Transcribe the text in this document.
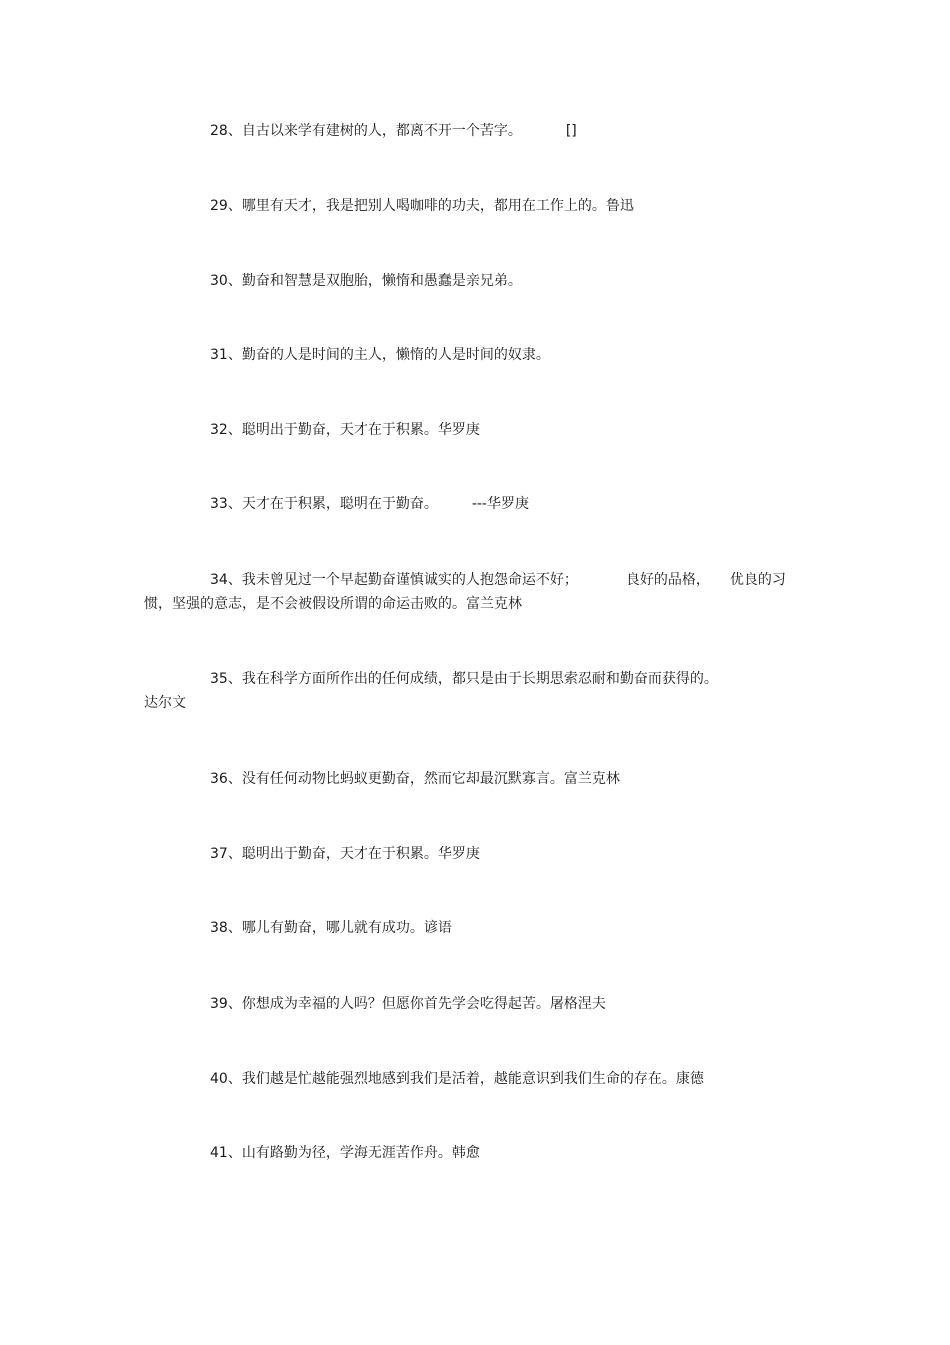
28、自古以来学有建树的人，都离不开一个苦字。	[]
29、哪里有天才，我是把别人喝咖啡的功夫，都用在工作上的。鲁迅
30、勤奋和智慧是双胞胎，懒惰和愚蠢是亲兄弟。
31、勤奋的人是时间的主人，懒惰的人是时间的奴隶。
32、聪明出于勤奋，天才在于积累。华罗庚
33、天才在于积累，聪明在于勤奋。 ---华罗庚
34、我未曾见过一个早起勤奋谨慎诚实的人抱怨命运不好；	良好的品格， 优良的习
惯，坚强的意志，是不会被假设所谓的命运击败的。富兰克林
35、我在科学方面所作出的任何成绩，都只是由于长期思索忍耐和勤奋而获得的。
达尔文
36、没有任何动物比蚂蚁更勤奋，然而它却最沉默寡言。富兰克林
37、聪明出于勤奋，天才在于积累。华罗庚
38、哪儿有勤奋，哪儿就有成功。谚语
39、你想成为幸福的人吗？但愿你首先学会吃得起苦。屠格涅夫
40、我们越是忙越能强烈地感到我们是活着，越能意识到我们生命的存在。康德
41、山有路勤为径，学海无涯苦作舟。韩愈
